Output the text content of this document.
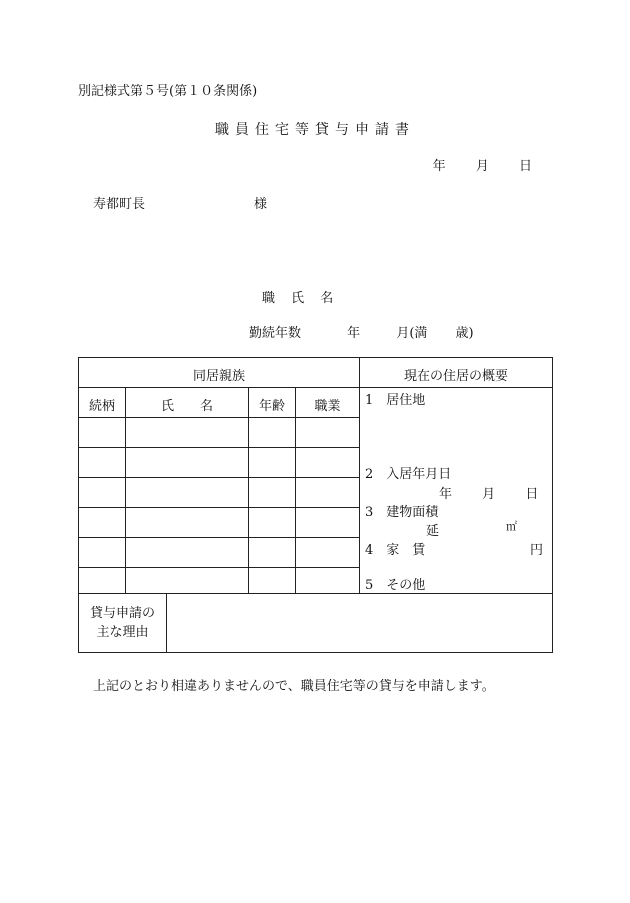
別記様式第５号(第１０条関係)
職員住宅等貸与申請書
年 月 日
寿都町長	様
職 氏 名
勤続年数	年	月(満 歳)
同居親族	現在の住居の概要
続柄	氏　　名	年齢	職業	1　居住地
2　入居年月日
年 月 日
3　建物面積
延	㎡
4　家　賃	円
5　その他
貸与申請の
主な理由
上記のとおり相違ありませんので、職員住宅等の貸与を申請します。
